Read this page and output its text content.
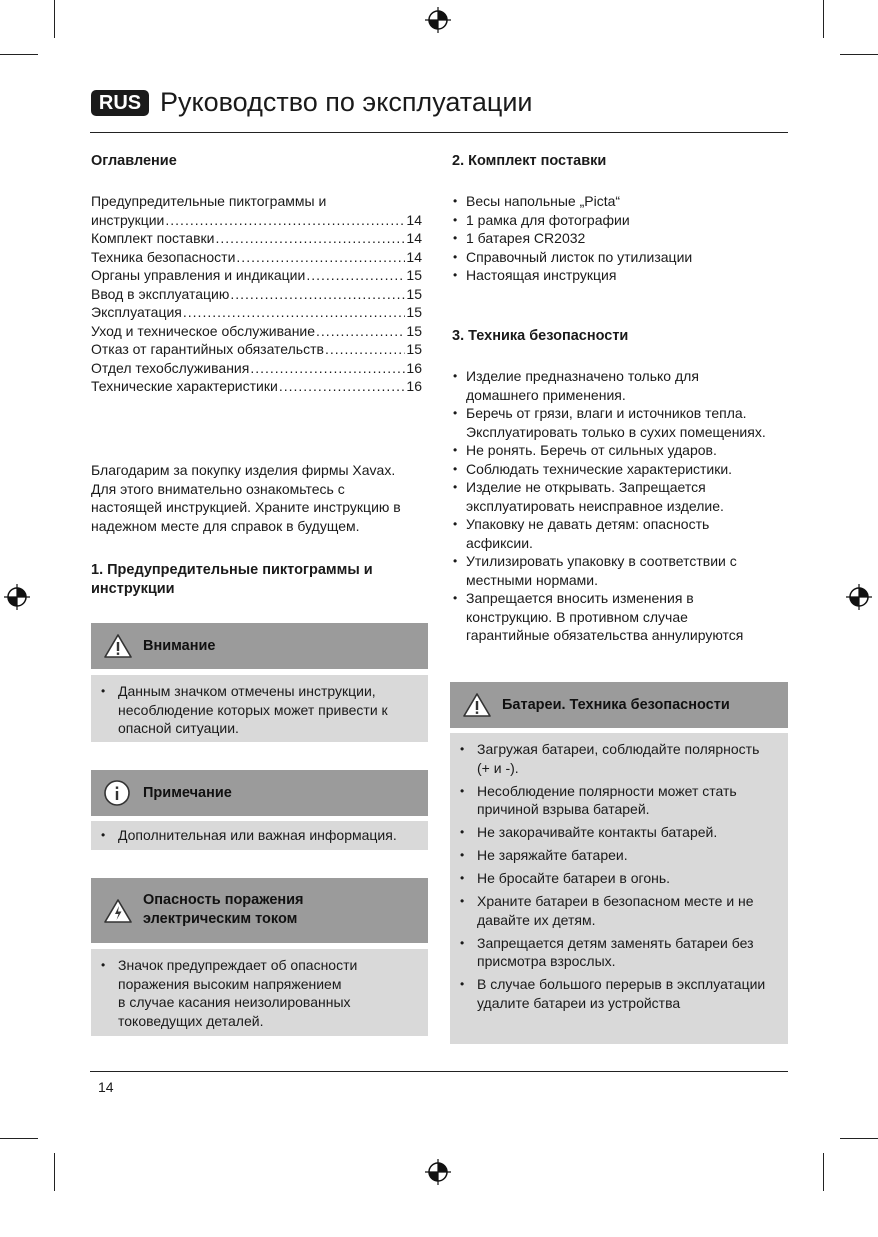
RUS Руководство по эксплуатации
Оглавление
Предупредительные пиктограммы и
инструкции .....	14
Комплект поставки .....	14
Техника безопасности .....	14
Органы управления и индикации .....	15
Ввод в эксплуатацию .....	15
Эксплуатация .....	15
Уход и техническое обслуживание .....	15
Отказ от гарантийных обязательств .....	15
Отдел техобслуживания .....	16
Технические характеристики .....	16
Благодарим за покупку изделия фирмы Xavax.
Для этого внимательно ознакомьтесь с
настоящей инструкцией. Храните инструкцию в
надежном месте для справок в будущем.
1. Предупредительные пиктограммы и
инструкции
Внимание
• Данным значком отмечены инструкции,
несоблюдение которых может привести к
опасной ситуации.
Примечание
• Дополнительная или важная информация.
Опасность поражения
электрическим током
• Значок предупреждает об опасности
поражения высоким напряжением
в случае касания неизолированных
токоведущих деталей.
2. Комплект поставки
• Весы напольные „Picta“
• 1 рамка для фотографии
• 1 батарея CR2032
• Справочный листок по утилизации
• Настоящая инструкция
3. Техника безопасности
• Изделие предназначено только для
домашнего применения.
• Беречь от грязи, влаги и источников тепла.
Эксплуатировать только в сухих помещениях.
• Не ронять. Беречь от сильных ударов.
• Соблюдать технические характеристики.
• Изделие не открывать. Запрещается
эксплуатировать неисправное изделие.
• Упаковку не давать детям: опасность
асфиксии.
• Утилизировать упаковку в соответствии с
местными нормами.
• Запрещается вносить изменения в
конструкцию. В противном случае
гарантийные обязательства аннулируются
Батареи. Техника безопасности
• Загружая батареи, соблюдайте полярность
(+ и -).
• Несоблюдение полярности может стать
причиной взрыва батарей.
• Не закорачивайте контакты батарей.
• Не заряжайте батареи.
• Не бросайте батареи в огонь.
• Храните батареи в безопасном месте и не
давайте их детям.
• Запрещается детям заменять батареи без
присмотра взрослых.
• В случае большого перерыв в эксплуатации
удалите батареи из устройства
14
